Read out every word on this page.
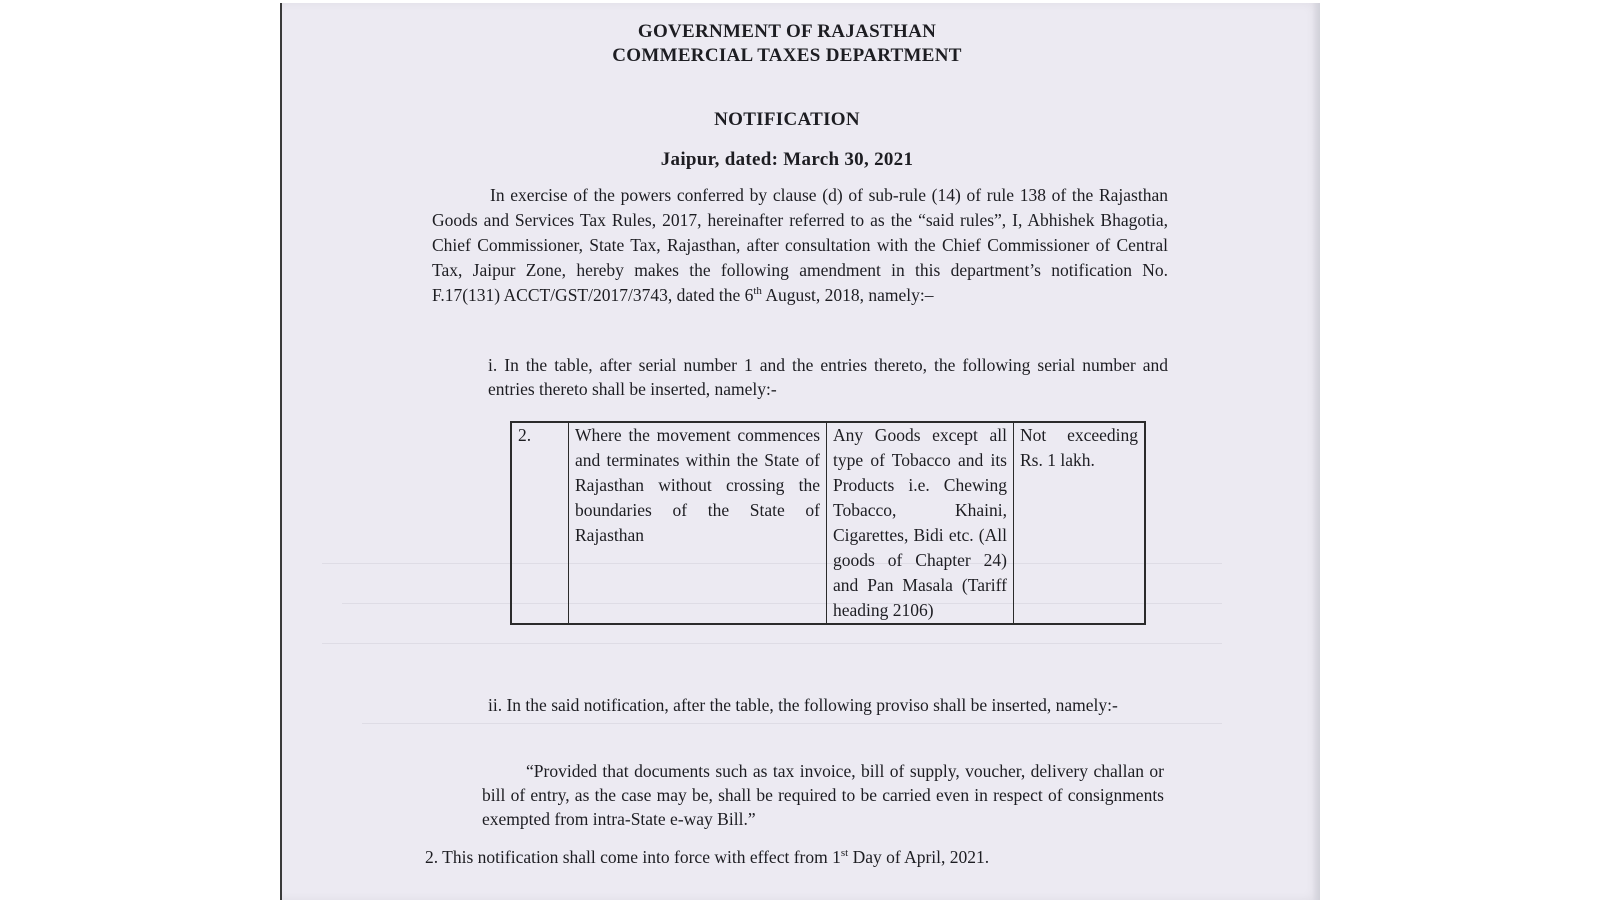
GOVERNMENT OF RAJASTHAN
COMMERCIAL TAXES DEPARTMENT
NOTIFICATION
Jaipur, dated: March 30, 2021
In exercise of the powers conferred by clause (d) of sub-rule (14) of rule 138 of the Rajasthan Goods and Services Tax Rules, 2017, hereinafter referred to as the “said rules”, I, Abhishek Bhagotia, Chief Commissioner, State Tax, Rajasthan, after consultation with the Chief Commissioner of Central Tax, Jaipur Zone, hereby makes the following amendment in this department’s notification No. F.17(131) ACCT/GST/2017/3743, dated the 6th August, 2018, namely:–
i. In the table, after serial number 1 and the entries thereto, the following serial number and entries thereto shall be inserted, namely:-
2.	Where the movement commences and terminates within the State of Rajasthan without crossing the boundaries of the State of Rajasthan	Any Goods except all type of Tobacco and its Products i.e. Chewing Tobacco, Khaini, Cigarettes, Bidi etc. (All goods of Chapter 24) and Pan Masala (Tariff heading 2106)	Not exceeding Rs. 1 lakh.
ii. In the said notification, after the table, the following proviso shall be inserted, namely:-
“Provided that documents such as tax invoice, bill of supply, voucher, delivery challan or bill of entry, as the case may be, shall be required to be carried even in respect of consignments exempted from intra-State e-way Bill.”
2. This notification shall come into force with effect from 1st Day of April, 2021.
